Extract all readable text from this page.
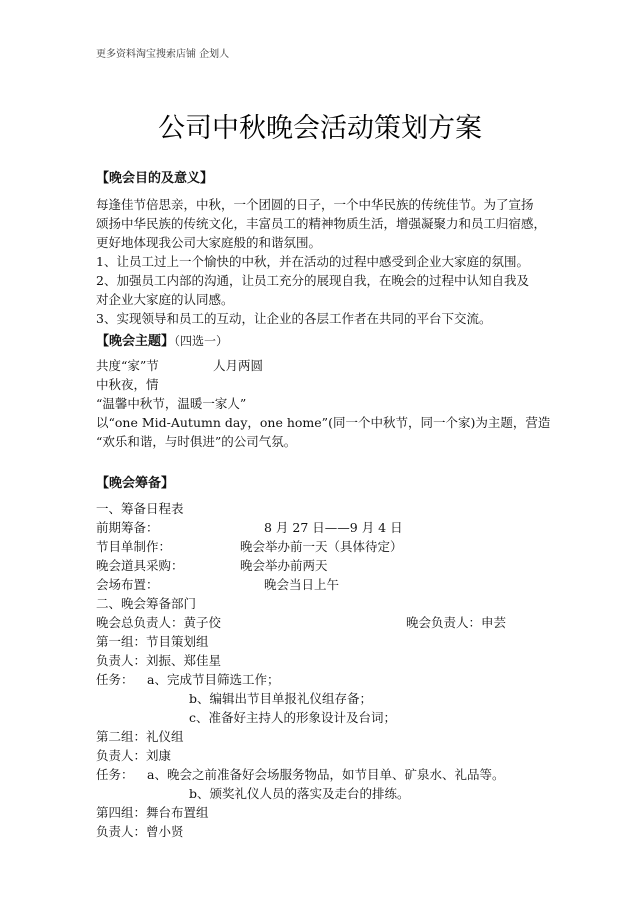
更多资料淘宝搜索店铺 企划人
公司中秋晚会活动策划方案
【晚会目的及意义】
每逢佳节倍思亲，中秋，一个团圆的日子，一个中华民族的传统佳节。为了宣扬
颂扬中华民族的传统文化，丰富员工的精神物质生活，增强凝聚力和员工归宿感，
更好地体现我公司大家庭般的和谐氛围。
1、让员工过上一个愉快的中秋，并在活动的过程中感受到企业大家庭的氛围。
2、加强员工内部的沟通，让员工充分的展现自我，在晚会的过程中认知自我及
对企业大家庭的认同感。
3、实现领导和员工的互动，让企业的各层工作者在共同的平台下交流。
【晚会主题】（四选一）
共度“家”节	人月两圆
中秋夜，情
“温馨中秋节，温暖一家人”
以“one Mid-Autumn day，one home”(同一个中秋节，同一个家)为主题，营造
“欢乐和谐，与时俱进”的公司气氛。
【晚会筹备】
一、筹备日程表
前期筹备：	8 月 27 日——9 月 4 日
节目单制作：	晚会举办前一天（具体待定）
晚会道具采购：	晚会举办前两天
会场布置：	晚会当日上午
二、晚会筹备部门
晚会总负责人：黄子佼	晚会负责人：申芸
第一组：节目策划组
负责人：刘振、郑佳星
任务： a、完成节目筛选工作；
b、编辑出节目单报礼仪组存备；
c、准备好主持人的形象设计及台词；
第二组：礼仪组
负责人：刘康
任务： a、晚会之前准备好会场服务物品，如节目单、矿泉水、礼品等。
b、颁奖礼仪人员的落实及走台的排练。
第四组：舞台布置组
负责人：曾小贤
